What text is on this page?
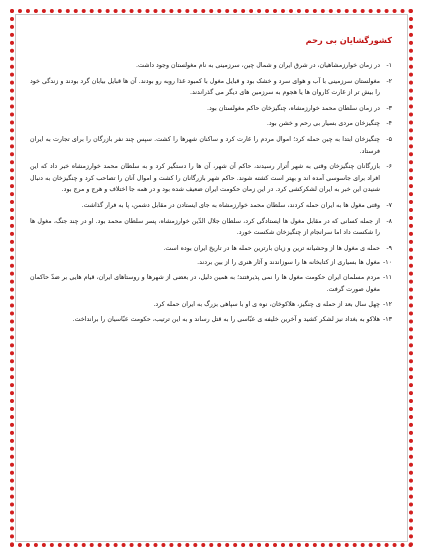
کشورگشایان بی رحم
۱-
در زمان خوارزمشاهیان، در شرق ایران و شمال چین، سرزمینی به نام مغولستان وجود داشت.
۲-
مغولستان سرزمینی با آب و هوای سرد و خشک بود و قبایل مغول با کمبود غذا روبه رو بودند. آن ها قبایل بیابان گرد بودند و زندگی خود را بیش تر از غارت کاروان ها یا هجوم به سرزمین های دیگر می گذراندند.
۳-
در زمان سلطان محمد خوارزمشاه، چنگیزخان حاکم مغولستان بود.
۴-
چنگیزخان مردی بسیار بی رحم و خشن بود.
۵-
چنگیزخان ابتدا به چین حمله کرد؛ اموال مردم را غارت کرد و ساکنان شهرها را کشت. سپس چند نفر بازرگان را برای تجارت به ایران فرستاد.
۶-
بازرگانان چنگیزخان وقتی به شهر اُترار رسیدند، حاکم آن شهر، آن ها را دستگیر کرد و به سلطان محمد خوارزمشاه خبر داد که این افراد برای جاسوسی آمده اند و بهتر است کشته شوند. حاکم شهر بازرگانان را کشت و اموال آنان را تصاحب کرد و چنگیزخان به دنبال شنیدن این خبر به ایران لشکرکشی کرد. در این زمان حکومت ایران ضعیف شده بود و در همه جا اختلاف و هرج و مرج بود.
۷-
وقتی مغول ها به ایران حمله کردند، سلطان محمد خوارزمشاه به جای ایستادن در مقابل دشمن، پا به فرار گذاشت.
۸-
از جمله کسانی که در مقابل مغول ها ایستادگی کرد، سلطان جلال الدّین خوارزمشاه، پسر سلطان محمد بود. او در چند جنگ، مغول ها را شکست داد اما سرانجام از چنگیزخان شکست خورد.
۹-
حمله ی مغول ها از وحشیانه ترین و زیان بارترین حمله ها در تاریخ ایران بوده است.
۱۰-
مغول ها بسیاری از کتابخانه ها را سوزاندند و آثار هنری را از بین بردند.
۱۱-
مردم مسلمان ایران حکومت مغول ها را نمی پذیرفتند؛ به همین دلیل، در بعضی از شهرها و روستاهای ایران، قیام هایی بر ضدّ حاکمان مغول صورت گرفت.
۱۲-
چهل سال بعد از حمله ی چنگیز، هلاکوخان، نوه ی او با سپاهی بزرگ به ایران حمله کرد.
۱۳-
هلاکو به بغداد نیز لشکر کشید و آخرین خلیفه ی عبّاسی را به قتل رساند و به این ترتیب، حکومت عبّاسیان را برانداخت.
